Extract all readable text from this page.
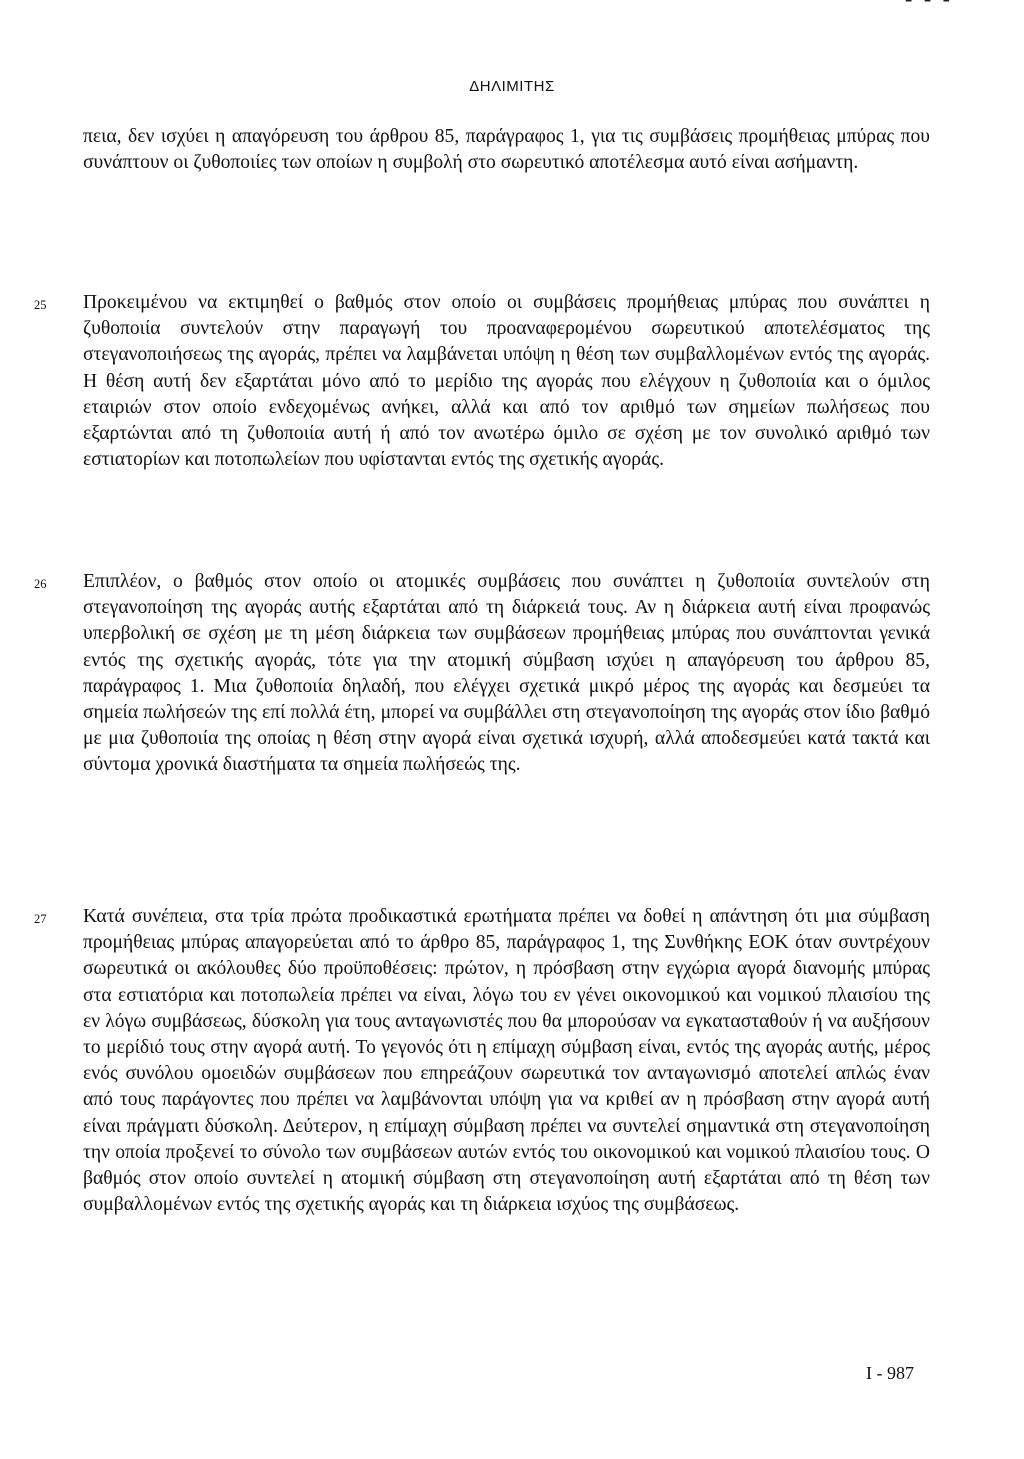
ΔΗΛΙΜΙΤΗΣ

πεια, δεν ισχύει η απαγόρευση του άρθρου 85, παράγραφος 1, για τις συμβάσεις προμήθειας μπύρας που συνάπτουν οι ζυθοποιίες των οποίων η συμβολή στο σωρευτικό αποτέλεσμα αυτό είναι ασήμαντη.

25 Προκειμένου να εκτιμηθεί ο βαθμός στον οποίο οι συμβάσεις προμήθειας μπύρας που συνάπτει η ζυθοποιία συντελούν στην παραγωγή του προαναφερομένου σωρευτικού αποτελέσματος της στεγανοποιήσεως της αγοράς, πρέπει να λαμβάνεται υπόψη η θέση των συμβαλλομένων εντός της αγοράς. Η θέση αυτή δεν εξαρτάται μόνο από το μερίδιο της αγοράς που ελέγχουν η ζυθοποιία και ο όμιλος εταιριών στον οποίο ενδεχομένως ανήκει, αλλά και από τον αριθμό των σημείων πωλήσεως που εξαρτώνται από τη ζυθοποιία αυτή ή από τον ανωτέρω όμιλο σε σχέση με τον συνολικό αριθμό των εστιατορίων και ποτοπωλείων που υφίστανται εντός της σχετικής αγοράς.

26 Επιπλέον, ο βαθμός στον οποίο οι ατομικές συμβάσεις που συνάπτει η ζυθοποιία συντελούν στη στεγανοποίηση της αγοράς αυτής εξαρτάται από τη διάρκειά τους. Αν η διάρκεια αυτή είναι προφανώς υπερβολική σε σχέση με τη μέση διάρκεια των συμβάσεων προμήθειας μπύρας που συνάπτονται γενικά εντός της σχετικής αγοράς, τότε για την ατομική σύμβαση ισχύει η απαγόρευση του άρθρου 85, παράγραφος 1. Μια ζυθοποιία δηλαδή, που ελέγχει σχετικά μικρό μέρος της αγοράς και δεσμεύει τα σημεία πωλήσεών της επί πολλά έτη, μπορεί να συμβάλλει στη στεγανοποίηση της αγοράς στον ίδιο βαθμό με μια ζυθοποιία της οποίας η θέση στην αγορά είναι σχετικά ισχυρή, αλλά αποδεσμεύει κατά τακτά και σύντομα χρονικά διαστήματα τα σημεία πωλήσεώς της.

27 Κατά συνέπεια, στα τρία πρώτα προδικαστικά ερωτήματα πρέπει να δοθεί η απάντηση ότι μια σύμβαση προμήθειας μπύρας απαγορεύεται από το άρθρο 85, παράγραφος 1, της Συνθήκης ΕΟΚ όταν συντρέχουν σωρευτικά οι ακόλουθες δύο προϋποθέσεις: πρώτον, η πρόσβαση στην εγχώρια αγορά διανομής μπύρας στα εστιατόρια και ποτοπωλεία πρέπει να είναι, λόγω του εν γένει οικονομικού και νομικού πλαισίου της εν λόγω συμβάσεως, δύσκολη για τους ανταγωνιστές που θα μπορούσαν να εγκατασταθούν ή να αυξήσουν το μερίδιό τους στην αγορά αυτή. Το γεγονός ότι η επίμαχη σύμβαση είναι, εντός της αγοράς αυτής, μέρος ενός συνόλου ομοειδών συμβάσεων που επηρεάζουν σωρευτικά τον ανταγωνισμό αποτελεί απλώς έναν από τους παράγοντες που πρέπει να λαμβάνονται υπόψη για να κριθεί αν η πρόσβαση στην αγορά αυτή είναι πράγματι δύσκολη. Δεύτερον, η επίμαχη σύμβαση πρέπει να συντελεί σημαντικά στη στεγανοποίηση την οποία προξενεί το σύνολο των συμβάσεων αυτών εντός του οικονομικού και νομικού πλαισίου τους. Ο βαθμός στον οποίο συντελεί η ατομική σύμβαση στη στεγανοποίηση αυτή εξαρτάται από τη θέση των συμβαλλομένων εντός της σχετικής αγοράς και τη διάρκεια ισχύος της συμβάσεως.

I - 987
